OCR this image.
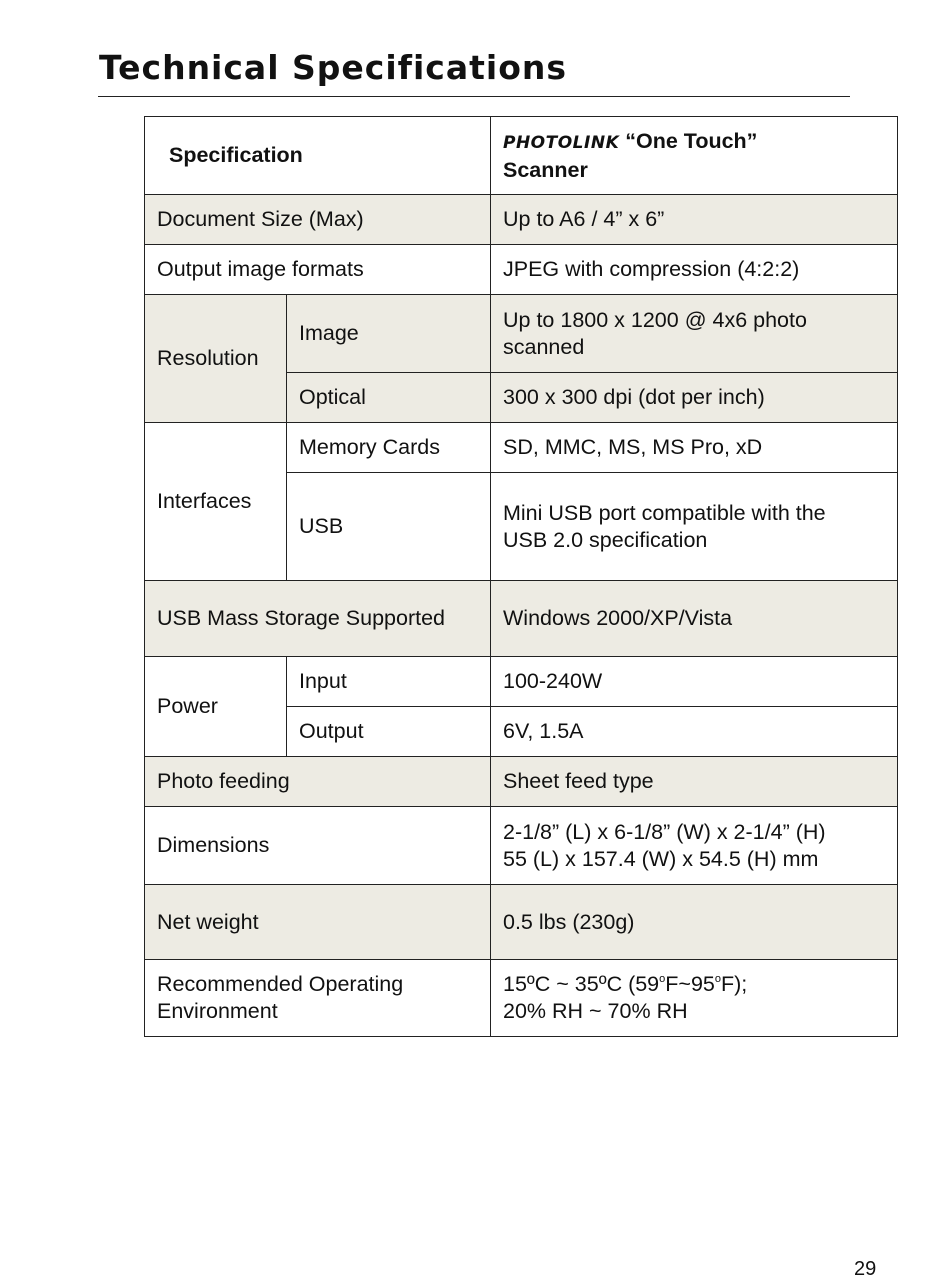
Technical Specifications
Specification		PHOTOLINK “One Touch”
Scanner
Document Size (Max)		Up to A6 / 4” x 6”
Output image formats		JPEG with compression (4:2:2)
Resolution	Image	Up to 1800 x 1200 @ 4x6 photo
scanned
	Optical	300 x 300 dpi (dot per inch)
Interfaces	Memory Cards	SD, MMC, MS, MS Pro, xD
	USB	Mini USB port compatible with the
USB 2.0 specification
USB Mass Storage Supported		Windows 2000/XP/Vista
Power	Input	100-240W
	Output	6V, 1.5A
Photo feeding		Sheet feed type
Dimensions		2-1/8” (L) x 6-1/8” (W) x 2-1/4” (H)
55 (L) x 157.4 (W) x 54.5 (H) mm
Net weight		0.5 lbs (230g)
Recommended Operating
Environment		15ºC ~ 35ºC (59$^o$F~95$^o$F);
20% RH ~ 70% RH
29
